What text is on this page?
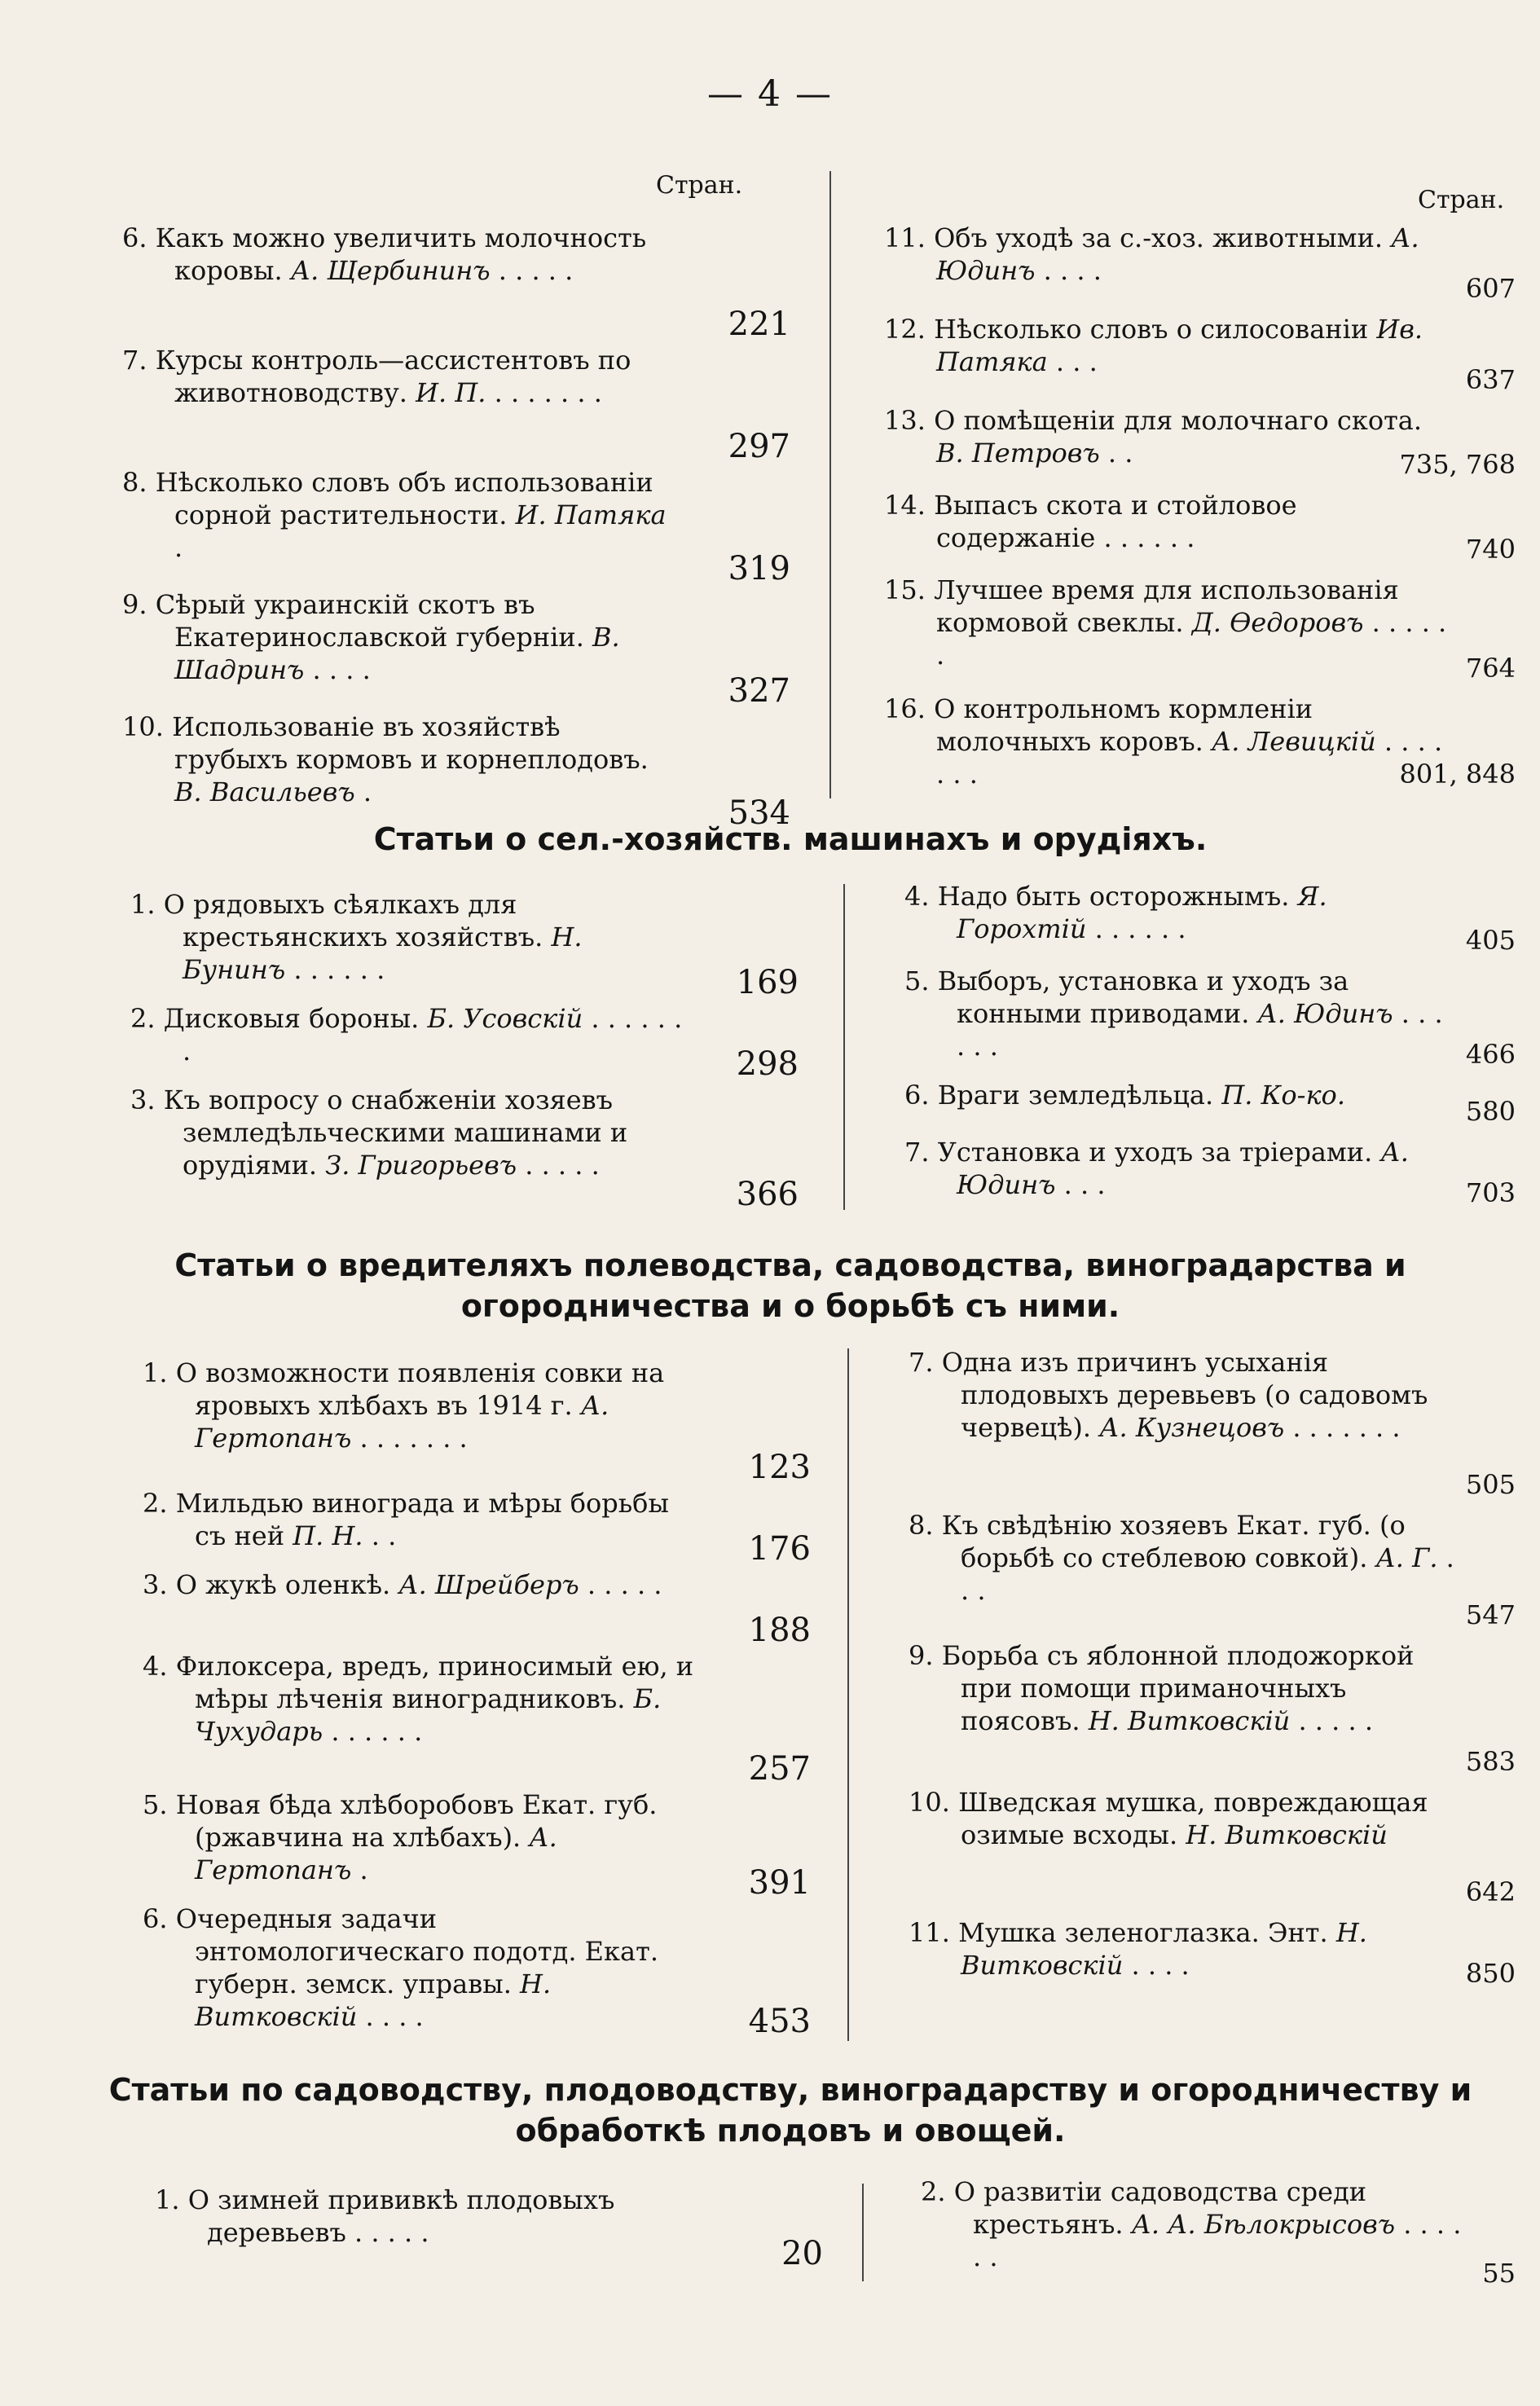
— 4 —
Стран.
Стран.
6. Какъ можно увеличить молочность коровы. А. Щербининъ . . . . .
221
7. Курсы контроль—ассистентовъ по животноводству. И. П. . . . . . . .
297
8. Нѣсколько словъ объ использованіи сорной растительности. И. Патяка .
319
9. Сѣрый украинскій скотъ въ Екатеринославской губерніи. В. Шадринъ . . . .
327
10. Использованіе въ хозяйствѣ грубыхъ кормовъ и корнеплодовъ. В. Васильевъ .
534
11. Объ уходѣ за с.-хоз. животными. А. Юдинъ . . . .
607
12. Нѣсколько словъ о силосованіи Ив. Патяка . . .
637
13. О помѣщеніи для молочнаго скота. В. Петровъ . .	735, 768
14. Выпасъ скота и стойловое содержаніе . . . . . .	740
15. Лучшее время для использованія кормовой свеклы. Д. Ѳедоровъ . . . . . .	764
16. О контрольномъ кормленіи молочныхъ коровъ. А. Левицкій . . . . . . .	801, 848
Статьи о сел.-хозяйств. машинахъ и орудіяхъ.
1. О рядовыхъ сѣялкахъ для крестьянскихъ хозяйствъ. Н. Бунинъ . . . . . .	169
2. Дисковыя бороны. Б. Усовскій . . . . . . .	298
3. Къ вопросу о снабженіи хозяевъ земледѣльческими машинами и орудіями. З. Григорьевъ . . . . .
366
4. Надо быть осторожнымъ. Я. Горохтій . . . . . .	405
5. Выборъ, установка и уходъ за конными приводами. А. Юдинъ . . . . . .	466
6. Враги земледѣльца. П. Ко-ко.
580
7. Установка и уходъ за тріерами. А. Юдинъ . . .	703
Статьи о вредителяхъ полеводства, садоводства, виноградарства и огородничества и о борьбѣ съ ними.
1. О возможности появленія совки на яровыхъ хлѣбахъ въ 1914 г. А. Гертопанъ . . . . . . .
123
2. Мильдью винограда и мѣры борьбы съ ней П. Н. . .	176
3. О жукѣ оленкѣ. А. Шрейберъ . . . . .
188
4. Филоксера, вредъ, приносимый ею, и мѣры лѣченія виноградниковъ. Б. Чухударь . . . . . .
257
5. Новая бѣда хлѣборобовъ Екат. губ. (ржавчина на хлѣбахъ). А. Гертопанъ .	391
6. Очередныя задачи энтомологическаго подотд. Екат. губерн. земск. управы. Н. Витковскій . . . .	453
7. Одна изъ причинъ усыханія плодовыхъ деревьевъ (о садовомъ червецѣ). А. Кузнецовъ . . . . . . .
505
8. Къ свѣдѣнію хозяевъ Екат. губ. (о борьбѣ со стеблевою совкой). А. Г. . . .
547
9. Борьба съ яблонной плодожоркой при помощи приманочныхъ поясовъ. Н. Витковскій . . . . .
583
10. Шведская мушка, повреждающая озимые всходы. Н. Витковскій
642
11. Мушка зеленоглазка. Энт. Н. Витковскій . . . .	850
Статьи по садоводству, плодоводству, виноградарству и огородничеству и обработкѣ плодовъ и овощей.
1. О зимней прививкѣ плодовыхъ деревьевъ . . . . .
20
2. О развитіи садоводства среди крестьянъ. А. А. Бѣлокрысовъ . . . . . .
55
